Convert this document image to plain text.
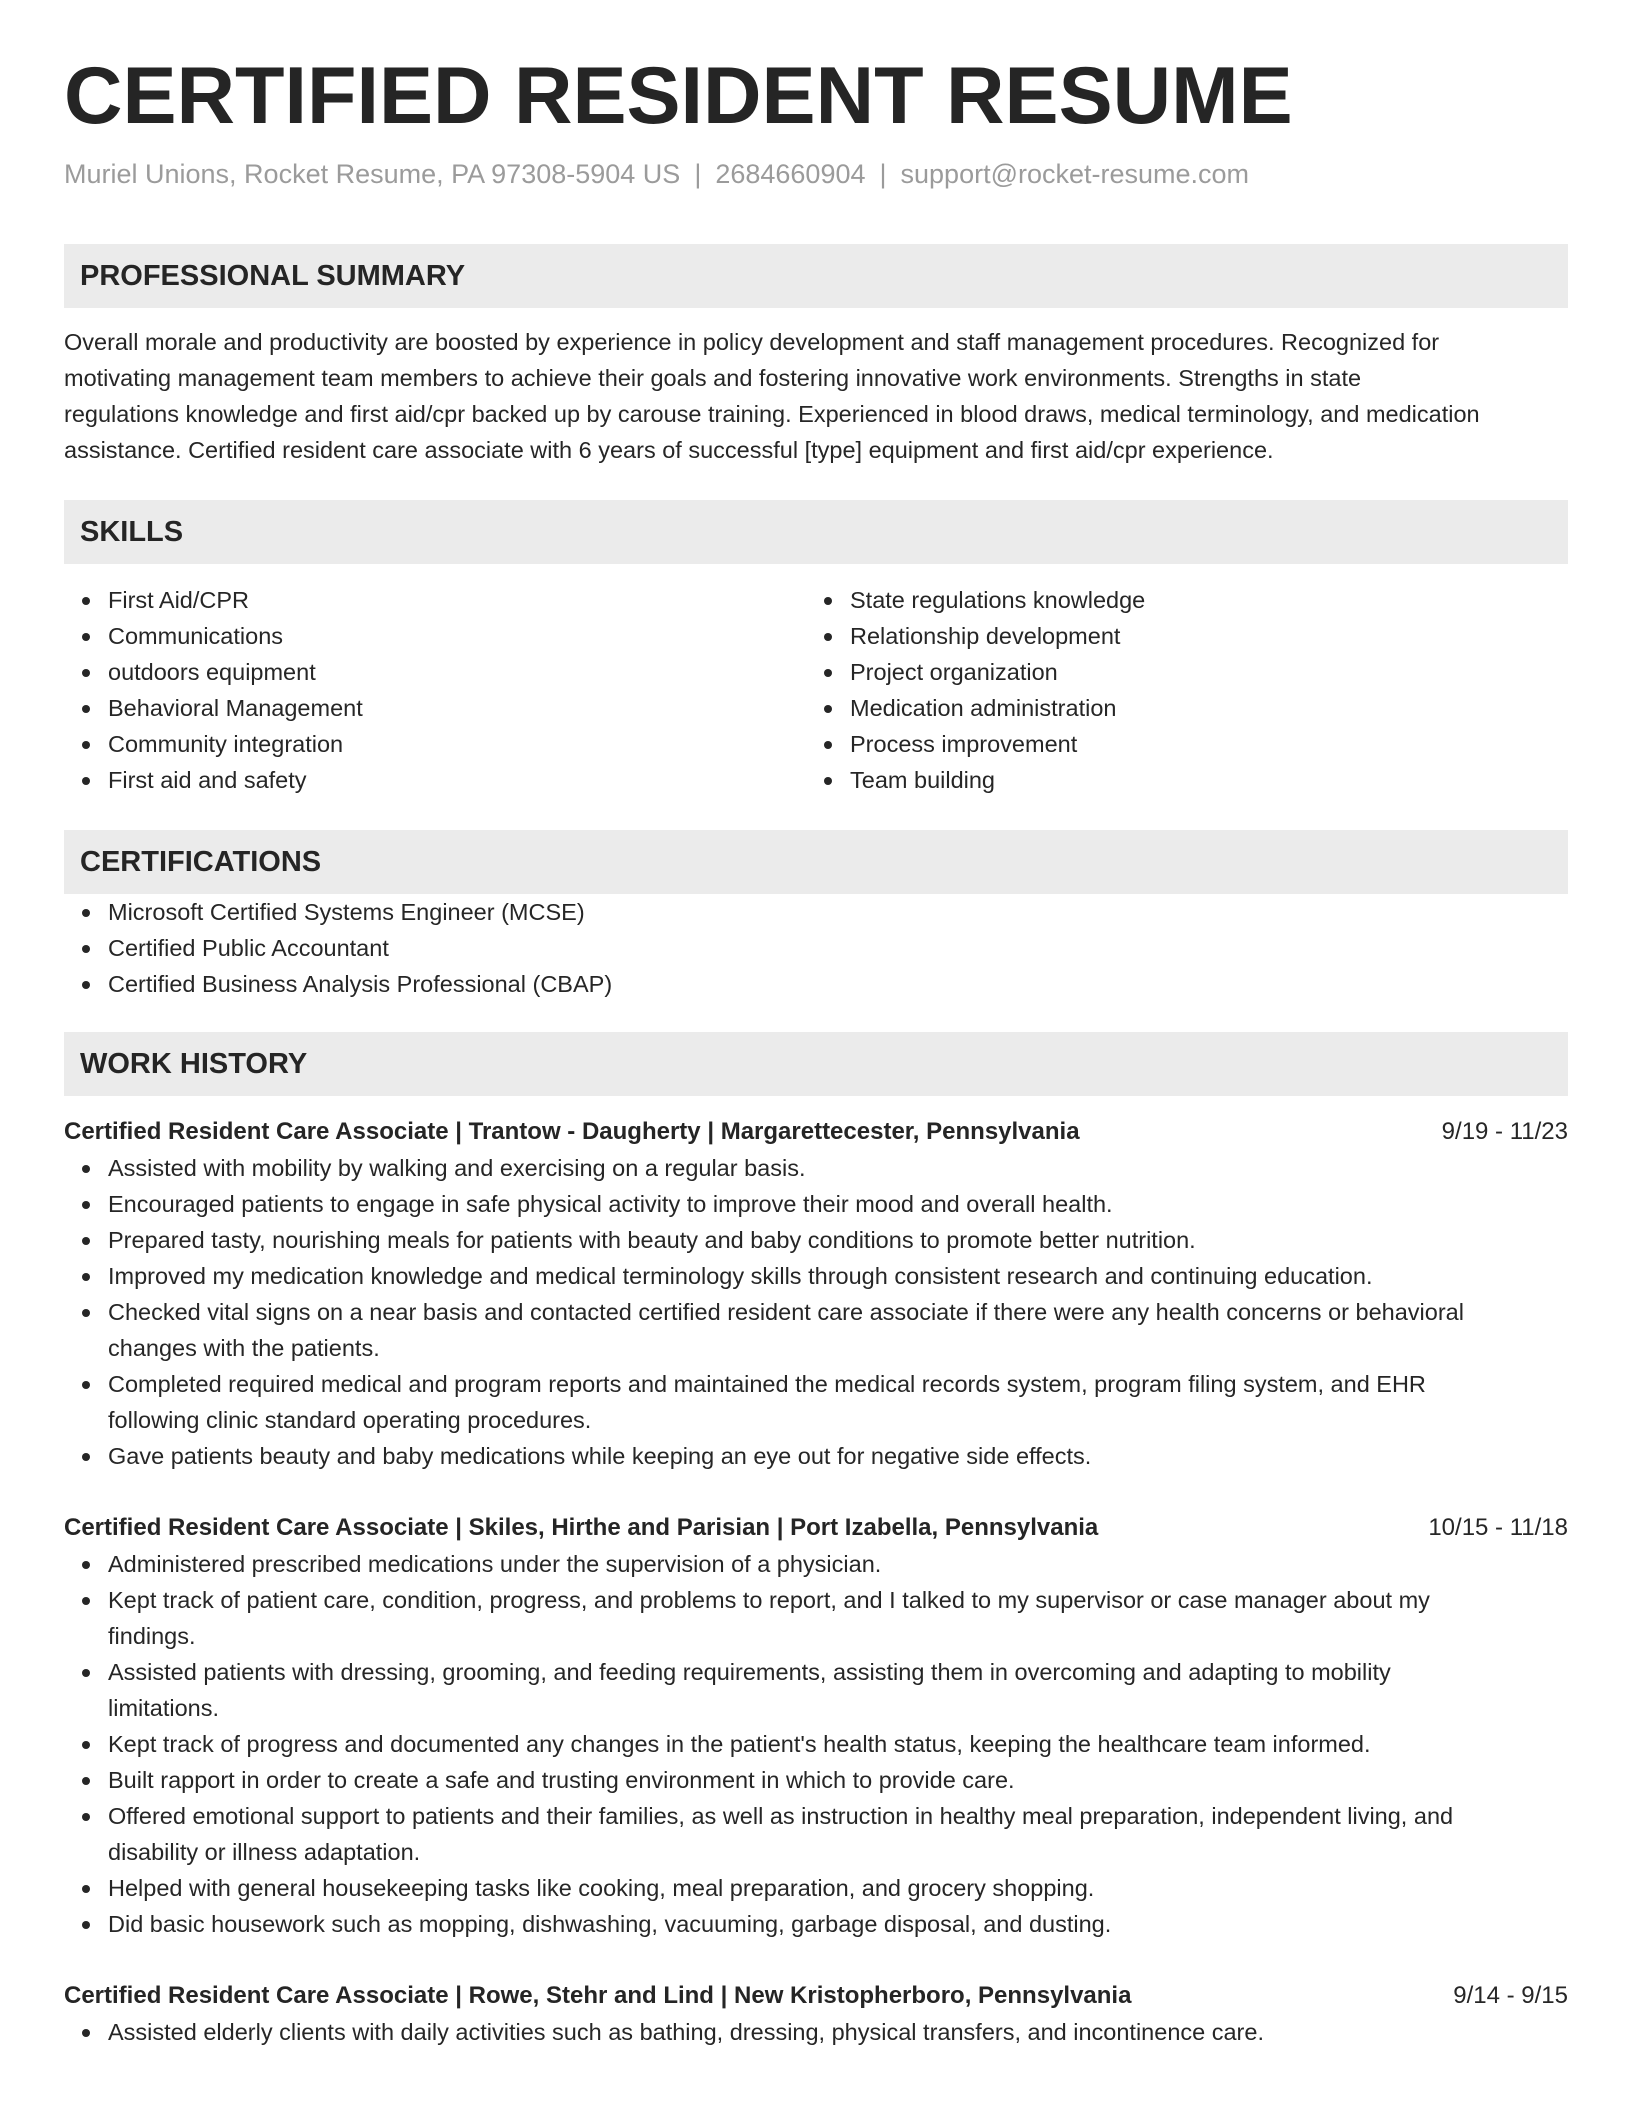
CERTIFIED RESIDENT RESUME
Muriel Unions, Rocket Resume, PA 97308-5904 US | 2684660904 | support@rocket-resume.com
PROFESSIONAL SUMMARY
Overall morale and productivity are boosted by experience in policy development and staff management procedures. Recognized for
motivating management team members to achieve their goals and fostering innovative work environments. Strengths in state
regulations knowledge and first aid/cpr backed up by carouse training. Experienced in blood draws, medical terminology, and medication
assistance. Certified resident care associate with 6 years of successful [type] equipment and first aid/cpr experience.
SKILLS
First Aid/CPR
Communications
outdoors equipment
Behavioral Management
Community integration
First aid and safety
State regulations knowledge
Relationship development
Project organization
Medication administration
Process improvement
Team building
CERTIFICATIONS
Microsoft Certified Systems Engineer (MCSE)
Certified Public Accountant
Certified Business Analysis Professional (CBAP)
WORK HISTORY
Certified Resident Care Associate | Trantow - Daugherty | Margarettecester, Pennsylvania	9/19 - 11/23
Assisted with mobility by walking and exercising on a regular basis.
Encouraged patients to engage in safe physical activity to improve their mood and overall health.
Prepared tasty, nourishing meals for patients with beauty and baby conditions to promote better nutrition.
Improved my medication knowledge and medical terminology skills through consistent research and continuing education.
Checked vital signs on a near basis and contacted certified resident care associate if there were any health concerns or behavioral
changes with the patients.
Completed required medical and program reports and maintained the medical records system, program filing system, and EHR
following clinic standard operating procedures.
Gave patients beauty and baby medications while keeping an eye out for negative side effects.
Certified Resident Care Associate | Skiles, Hirthe and Parisian | Port Izabella, Pennsylvania	10/15 - 11/18
Administered prescribed medications under the supervision of a physician.
Kept track of patient care, condition, progress, and problems to report, and I talked to my supervisor or case manager about my
findings.
Assisted patients with dressing, grooming, and feeding requirements, assisting them in overcoming and adapting to mobility
limitations.
Kept track of progress and documented any changes in the patient's health status, keeping the healthcare team informed.
Built rapport in order to create a safe and trusting environment in which to provide care.
Offered emotional support to patients and their families, as well as instruction in healthy meal preparation, independent living, and
disability or illness adaptation.
Helped with general housekeeping tasks like cooking, meal preparation, and grocery shopping.
Did basic housework such as mopping, dishwashing, vacuuming, garbage disposal, and dusting.
Certified Resident Care Associate | Rowe, Stehr and Lind | New Kristopherboro, Pennsylvania	9/14 - 9/15
Assisted elderly clients with daily activities such as bathing, dressing, physical transfers, and incontinence care.
